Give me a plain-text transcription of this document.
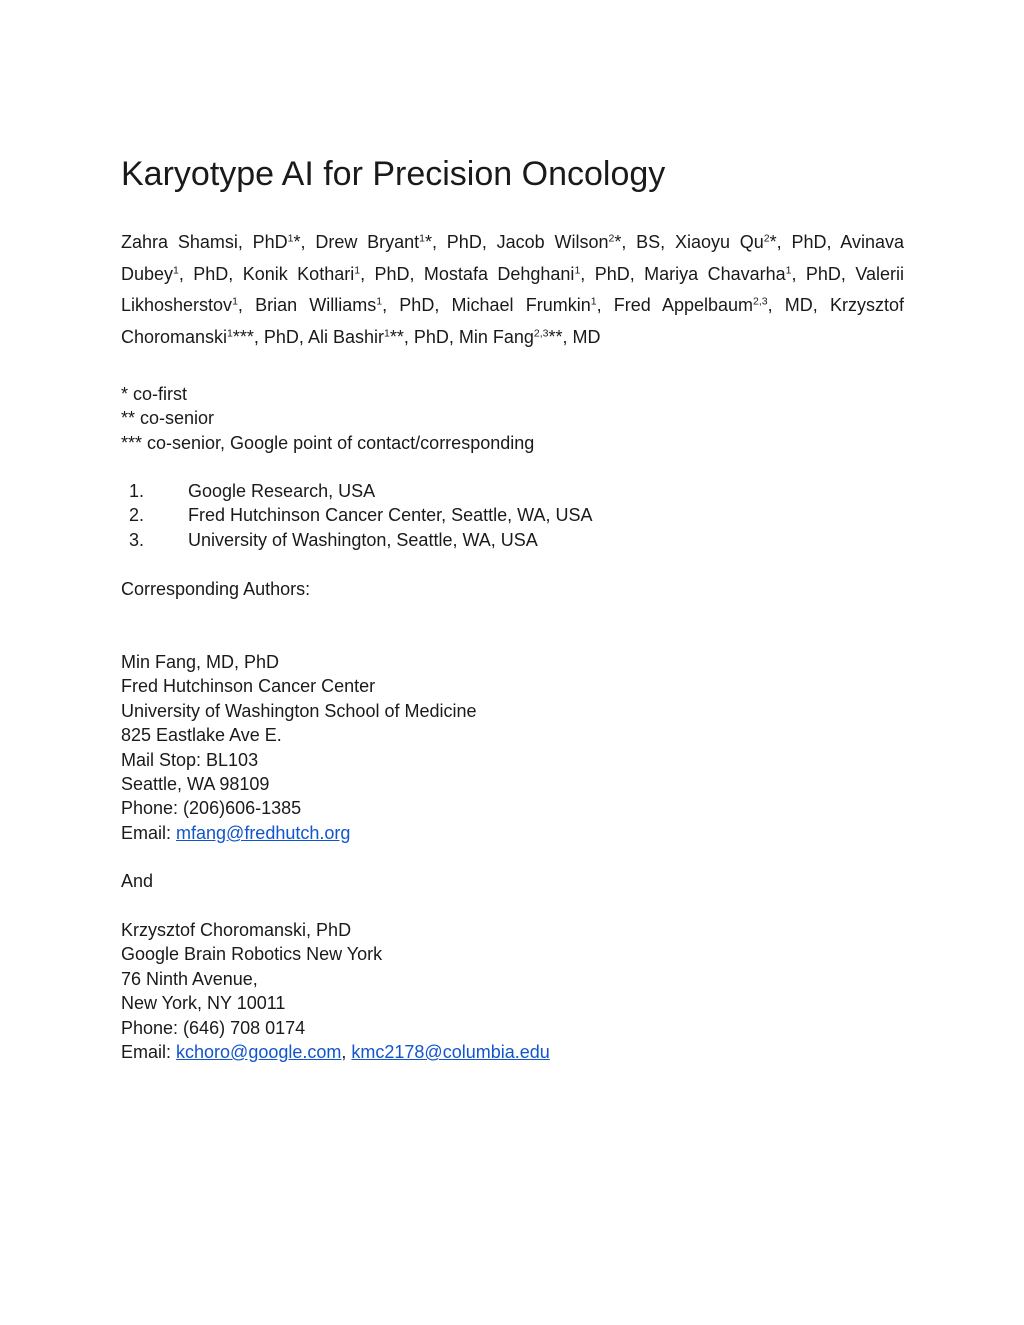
Karyotype AI for Precision Oncology

Zahra Shamsi, PhD$^1$*, Drew Bryant$^1$*, PhD, Jacob Wilson$^2$*, BS, Xiaoyu Qu$^2$*, PhD, Avinava Dubey$^1$, PhD, Konik Kothari$^1$, PhD, Mostafa Dehghani$^1$, PhD, Mariya Chavarha$^1$, PhD, Valerii Likhosherstov$^1$, Brian Williams$^1$, PhD, Michael Frumkin$^1$, Fred Appelbaum$^{2,3}$, MD, Krzysztof Choromanski$^1$***, PhD, Ali Bashir$^1$**, PhD, Min Fang$^{2,3}$**, MD

* co-first
** co-senior
*** co-senior, Google point of contact/corresponding
1. Google Research, USA
2. Fred Hutchinson Cancer Center, Seattle, WA, USA
3. University of Washington, Seattle, WA, USA
Corresponding Authors:
Min Fang, MD, PhD
Fred Hutchinson Cancer Center
University of Washington School of Medicine
825 Eastlake Ave E.
Mail Stop: BL103
Seattle, WA 98109
Phone: (206)606-1385
Email: mfang@fredhutch.org
And
Krzysztof Choromanski, PhD
Google Brain Robotics New York
76 Ninth Avenue,
New York, NY 10011
Phone: (646) 708 0174
Email: kchoro@google.com, kmc2178@columbia.edu
